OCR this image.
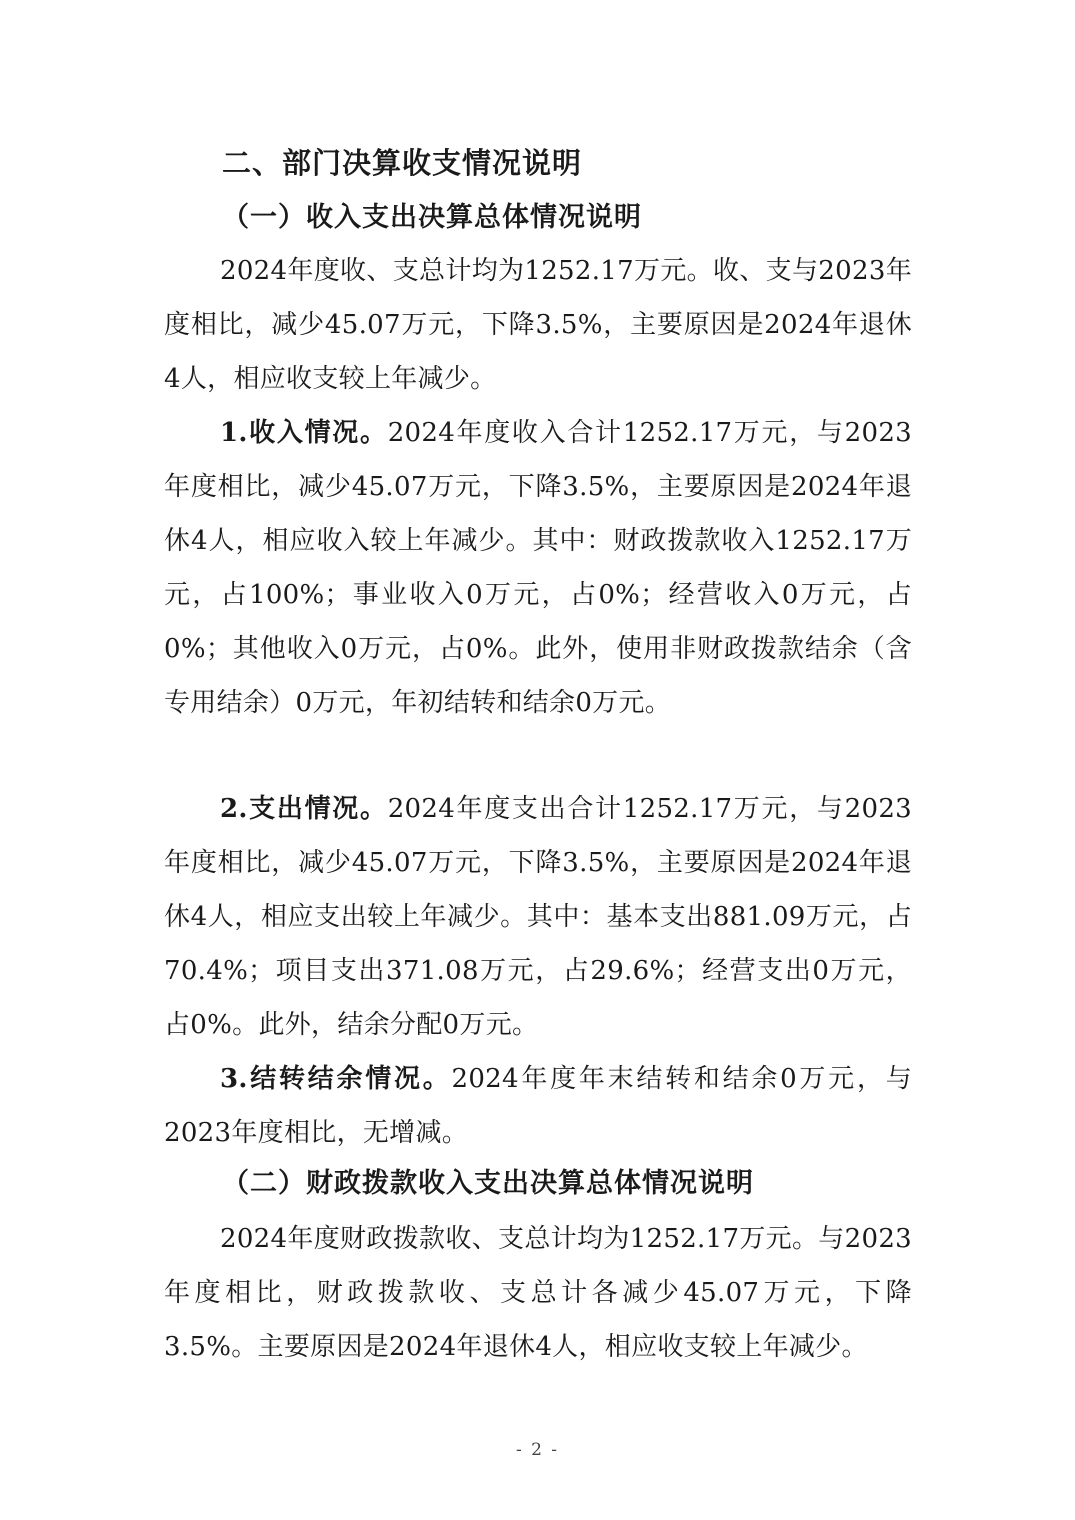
二、部门决算收支情况说明
（一）收入支出决算总体情况说明

2024年度收、支总计均为1252.17万元。收、支与2023年度相比，减少45.07万元，下降3.5%，主要原因是2024年退休4人，相应收支较上年减少。

1.收入情况。2024年度收入合计1252.17万元，与2023年度相比，减少45.07万元，下降3.5%，主要原因是2024年退休4人，相应收入较上年减少。其中：财政拨款收入1252.17万元，占100%；事业收入0万元，占0%；经营收入0万元，占0%；其他收入0万元，占0%。此外，使用非财政拨款结余（含专用结余）0万元，年初结转和结余0万元。

2.支出情况。2024年度支出合计1252.17万元，与2023年度相比，减少45.07万元，下降3.5%，主要原因是2024年退休4人，相应支出较上年减少。其中：基本支出881.09万元，占70.4%；项目支出371.08万元，占29.6%；经营支出0万元，占0%。此外，结余分配0万元。

3.结转结余情况。2024年度年末结转和结余0万元，与2023年度相比，无增减。

（二）财政拨款收入支出决算总体情况说明

2024年度财政拨款收、支总计均为1252.17万元。与2023年度相比，财政拨款收、支总计各减少45.07万元，下降3.5%。主要原因是2024年退休4人，相应收支较上年减少。

- 2 -
